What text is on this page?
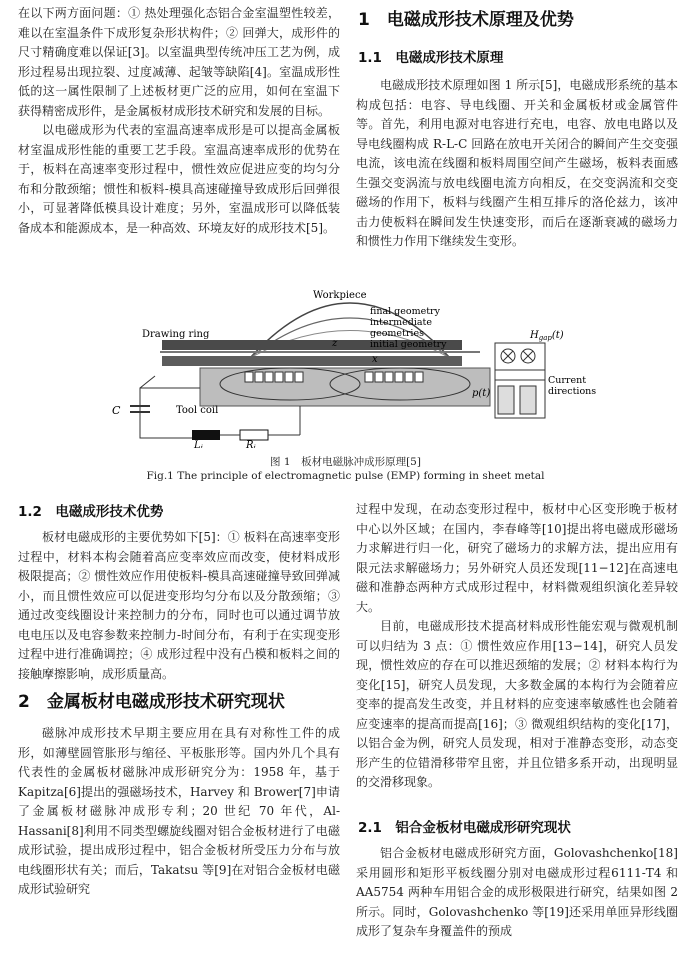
在以下两方面问题：① 热处理强化态铝合金室温塑性较差，难以在室温条件下成形复杂形状构件；② 回弹大，成形件的尺寸精确度难以保证[3]。以室温典型传统冲压工艺为例，成形过程易出现拉裂、过度减薄、起皱等缺陷[4]。室温成形性低的这一属性限制了上述板材更广泛的应用，如何在室温下获得精密成形件，是金属板材成形技术研究和发展的目标。

以电磁成形为代表的室温高速率成形是可以提高金属板材室温成形性能的重要工艺手段。室温高速率成形的优势在于，板料在高速率变形过程中，惯性效应促进应变的均匀分布和分散颈缩；惯性和板料-模具高速碰撞导致成形后回弹很小，可显著降低模具设计难度；另外，室温成形可以降低装备成本和能源成本，是一种高效、环境友好的成形技术[5]。

1　电磁成形技术原理及优势
1.1　电磁成形技术原理

电磁成形技术原理如图 1 所示[5]，电磁成形系统的基本构成包括：电容、导电线圈、开关和金属板材或金属管件等。首先，利用电源对电容进行充电，电容、放电电路以及导电线圈构成 R-L-C 回路在放电开关闭合的瞬间产生交变强电流，该电流在线圈和板料周围空间产生磁场，板料表面感生强交变涡流与放电线圈电流方向相反，在交变涡流和交变磁场的作用下，板料与线圈产生相互排斥的洛伦兹力，该冲击力使板料在瞬间发生快速变形，而后在逐渐衰减的磁场力和惯性力作用下继续发生变形。

Workpiece
final geometry
intermediate
geometries
initial geometry
Drawing ring
Tool coil
C
$L_i$	$R_i$
z
x
$H_{gap}(t)$
p(t)
Current
directions
图 1　板材电磁脉冲成形原理[5]
Fig.1 The principle of electromagnetic pulse (EMP) forming in sheet metal
1.2　电磁成形技术优势

板材电磁成形的主要优势如下[5]：① 板料在高速率变形过程中，材料本构会随着高应变率效应而改变，使材料成形极限提高；② 惯性效应作用使板料-模具高速碰撞导致回弹减小，而且惯性效应可以促进变形均匀分布以及分散颈缩；③ 通过改变线圈设计来控制力的分布，同时也可以通过调节放电电压以及电容参数来控制力-时间分布，有利于在实现变形过程中进行准确调控；④ 成形过程中没有凸模和板料之间的接触摩擦影响，成形质量高。

2　金属板材电磁成形技术研究现状

磁脉冲成形技术早期主要应用在具有对称性工件的成形，如薄壁圆管胀形与缩径、平板胀形等。国内外几个具有代表性的金属板材磁脉冲成形研究分为：1958 年，基于 Kapitza[6]提出的强磁场技术，Harvey 和 Brower[7]申请了金属板材磁脉冲成形专利；20 世纪 70 年代，Al-Hassani[8]利用不同类型螺旋线圈对铝合金板材进行了电磁成形试验，提出成形过程中，铝合金板材所受压力分布与放电线圈形状有关；而后，Takatsu 等[9]在对铝合金板材电磁成形试验研究

过程中发现，在动态变形过程中，板材中心区变形晚于板材中心以外区域；在国内，李春峰等[10]提出将电磁成形磁场力求解进行归一化，研究了磁场力的求解方法，提出应用有限元法求解磁场力；另外研究人员还发现[11−12]在高速电磁和准静态两种方式成形过程中，材料微观组织演化差异较大。

目前，电磁成形技术提高材料成形性能宏观与微观机制可以归结为 3 点：① 惯性效应作用[13−14]，研究人员发现，惯性效应的存在可以推迟颈缩的发展；② 材料本构行为变化[15]，研究人员发现，大多数金属的本构行为会随着应变率的提高发生改变，并且材料的应变速率敏感性也会随着应变速率的提高而提高[16]；③ 微观组织结构的变化[17]，以铝合金为例，研究人员发现，相对于准静态变形，动态变形产生的位错滑移带窄且密，并且位错多系开动，出现明显的交滑移现象。

2.1　铝合金板材电磁成形研究现状

铝合金板材电磁成形研究方面，Golovashchenko[18]采用圆形和矩形平板线圈分别对电磁成形过程6111-T4 和 AA5754 两种车用铝合金的成形极限进行研究，结果如图 2 所示。同时，Golovashchenko 等[19]还采用单匝异形线圈成形了复杂车身覆盖件的预成
